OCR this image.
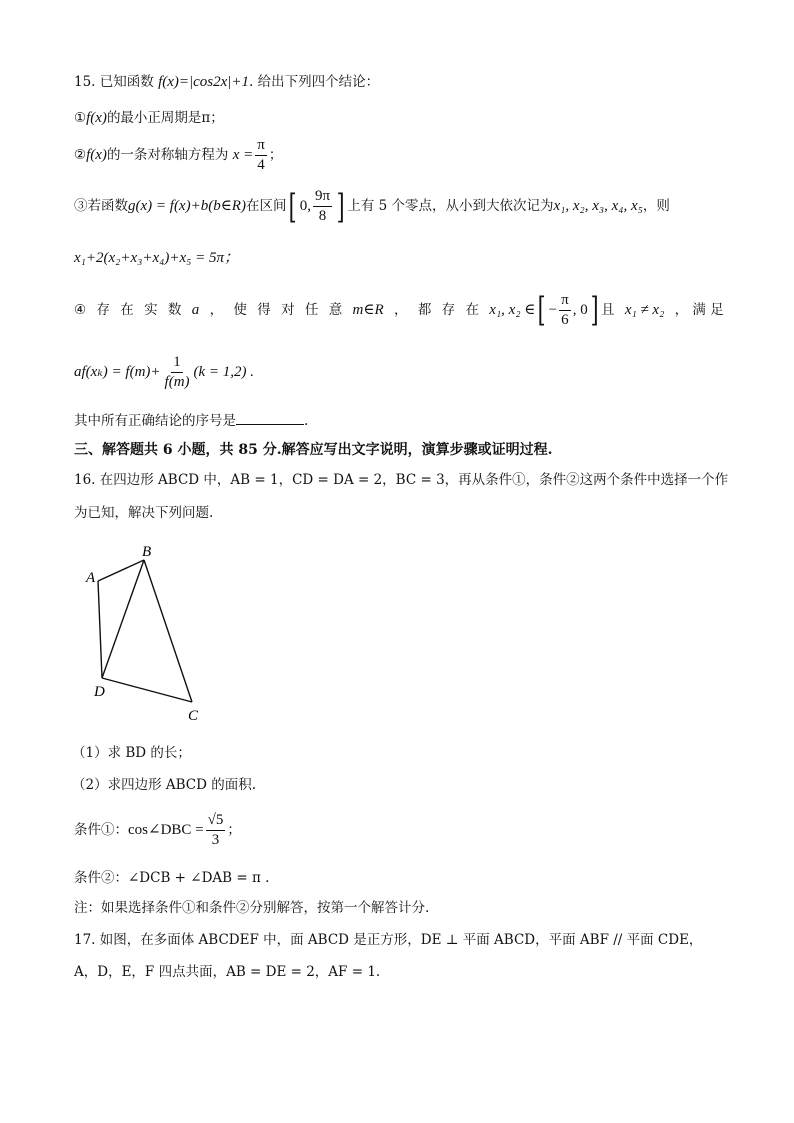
15. 已知函数 f(x)=|cos2x|+1. 给出下列四个结论：
①f(x)的最小正周期是π；
②f(x)的一条对称轴方程为 $x = \frac{\pi}{4}$ ；
③若函数g(x) = f(x)+b(b∈R)在区间[ 0, $\frac{9\pi}{8}$ ] 上有 5 个零点，从小到大依次记为x₁, x₂, x₃, x₄, x₅，则
x₁+2(x₂+x₃+x₄)+x₅ = 5π；
④ 存 在 实 数 a ， 使 得 对 任 意 m∈R ， 都 存 在 x₁, x₂ ∈ [ − $\frac{\pi}{6}$ , 0 ] 且 x₁ ≠ x₂ ， 满 足
$af(x_k) = f(m)+ \frac{1}{f(m)} (k = 1,2)$ .
其中所有正确结论的序号是	.
三、解答题共 6 小题，共 85 分.解答应写出文字说明，演算步骤或证明过程.
16. 在四边形 ABCD 中，AB = 1，CD = DA = 2，BC = 3，再从条件①，条件②这两个条件中选择一个作
为已知，解决下列问题.
A
B
C
D
（1）求 BD 的长；
（2）求四边形 ABCD 的面积.
条件①：cos∠DBC = $\frac{√5}{3}$ ；
条件②：∠DCB + ∠DAB = π .
注：如果选择条件①和条件②分别解答，按第一个解答计分.
17. 如图，在多面体 ABCDEF 中，面 ABCD 是正方形，DE ⊥ 平面 ABCD，平面 ABF // 平面 CDE，
A，D，E，F 四点共面，AB = DE = 2，AF = 1.
